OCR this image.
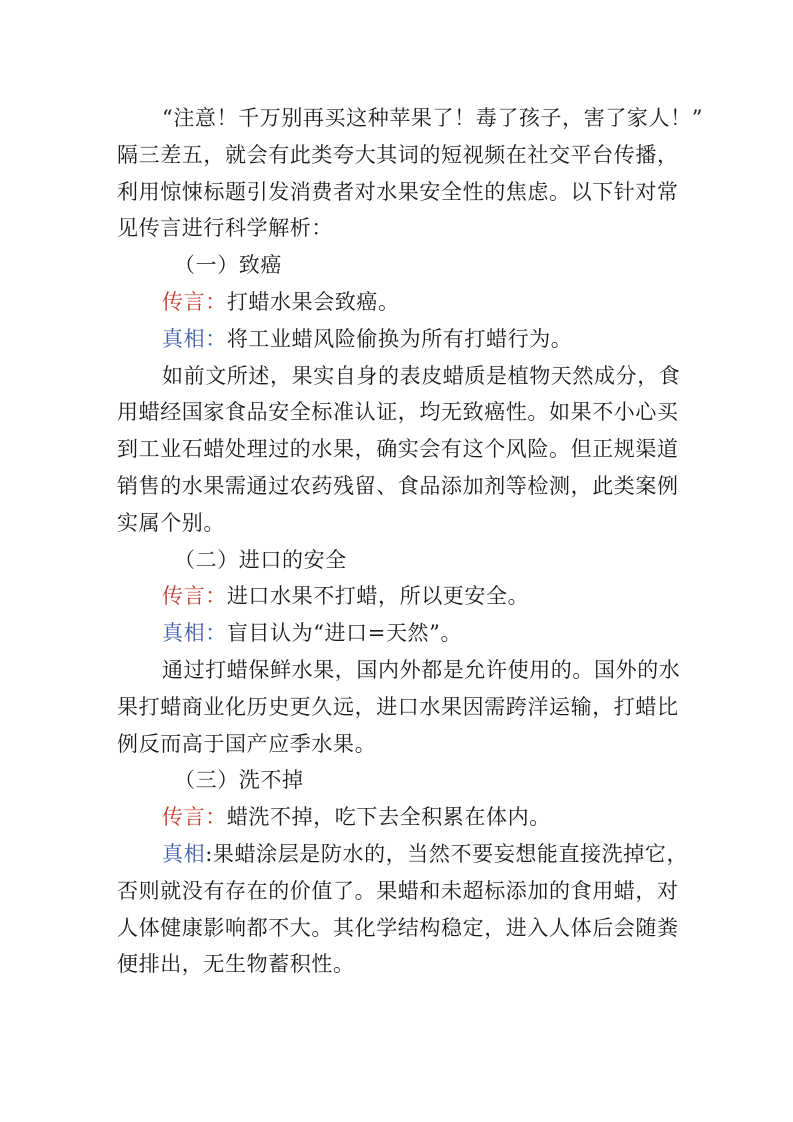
“注意！千万别再买这种苹果了！毒了孩子，害了家人！”
隔三差五，就会有此类夸大其词的短视频在社交平台传播，
利用惊悚标题引发消费者对水果安全性的焦虑。以下针对常
见传言进行科学解析：
（一）致癌
传言：打蜡水果会致癌。
真相：将工业蜡风险偷换为所有打蜡行为。
如前文所述，果实自身的表皮蜡质是植物天然成分，食
用蜡经国家食品安全标准认证，均无致癌性。如果不小心买
到工业石蜡处理过的水果，确实会有这个风险。但正规渠道
销售的水果需通过农药残留、食品添加剂等检测，此类案例
实属个别。
（二）进口的安全
传言：进口水果不打蜡，所以更安全。
真相：盲目认为“进口=天然”。
通过打蜡保鲜水果，国内外都是允许使用的。国外的水
果打蜡商业化历史更久远，进口水果因需跨洋运输，打蜡比
例反而高于国产应季水果。
（三）洗不掉
传言：蜡洗不掉，吃下去全积累在体内。
真相:果蜡涂层是防水的，当然不要妄想能直接洗掉它，
否则就没有存在的价值了。果蜡和未超标添加的食用蜡，对
人体健康影响都不大。其化学结构稳定，进入人体后会随粪
便排出，无生物蓄积性。
